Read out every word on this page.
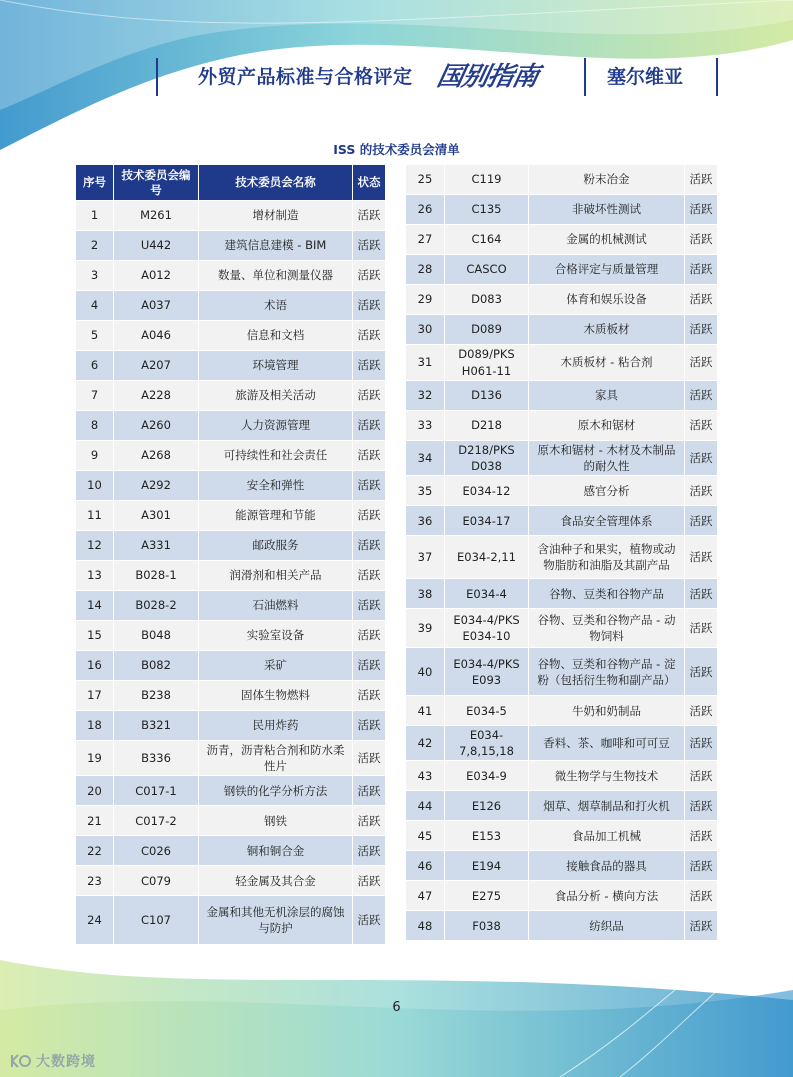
外贸产品标准与合格评定 国别指南	塞尔维亚
ISS 的技术委员会清单
序号	技术委员会编号	技术委员会名称	状态
1	M261	增材制造	活跃
2	U442	建筑信息建模 - BIM	活跃
3	A012	数量、单位和测量仪器	活跃
4	A037	术语	活跃
5	A046	信息和文档	活跃
6	A207	环境管理	活跃
7	A228	旅游及相关活动	活跃
8	A260	人力资源管理	活跃
9	A268	可持续性和社会责任	活跃
10	A292	安全和弹性	活跃
11	A301	能源管理和节能	活跃
12	A331	邮政服务	活跃
13	B028-1	润滑剂和相关产品	活跃
14	B028-2	石油燃料	活跃
15	B048	实验室设备	活跃
16	B082	采矿	活跃
17	B238	固体生物燃料	活跃
18	B321	民用炸药	活跃
19	B336	沥青，沥青粘合剂和防水柔性片	活跃
20	C017-1	钢铁的化学分析方法	活跃
21	C017-2	钢铁	活跃
22	C026	铜和铜合金	活跃
23	C079	轻金属及其合金	活跃
24	C107	金属和其他无机涂层的腐蚀与防护	活跃
25	C119	粉末冶金	活跃
26	C135	非破坏性测试	活跃
27	C164	金属的机械测试	活跃
28	CASCO	合格评定与质量管理	活跃
29	D083	体育和娱乐设备	活跃
30	D089	木质板材	活跃
31	D089/PKS H061-11	木质板材 - 粘合剂	活跃
32	D136	家具	活跃
33	D218	原木和锯材	活跃
34	D218/PKS D038	原木和锯材 - 木材及木制品的耐久性	活跃
35	E034-12	感官分析	活跃
36	E034-17	食品安全管理体系	活跃
37	E034-2,11	含油种子和果实，植物或动物脂肪和油脂及其副产品	活跃
38	E034-4	谷物、豆类和谷物产品	活跃
39	E034-4/PKS E034-10	谷物、豆类和谷物产品 - 动物饲料	活跃
40	E034-4/PKS E093	谷物、豆类和谷物产品 - 淀粉（包括衍生物和副产品）	活跃
41	E034-5	牛奶和奶制品	活跃
42	E034-7,8,15,18	香料、茶、咖啡和可可豆	活跃
43	E034-9	微生物学与生物技术	活跃
44	E126	烟草、烟草制品和打火机	活跃
45	E153	食品加工机械	活跃
46	E194	接触食品的器具	活跃
47	E275	食品分析 - 横向方法	活跃
48	F038	纺织品	活跃
6
大数跨境
